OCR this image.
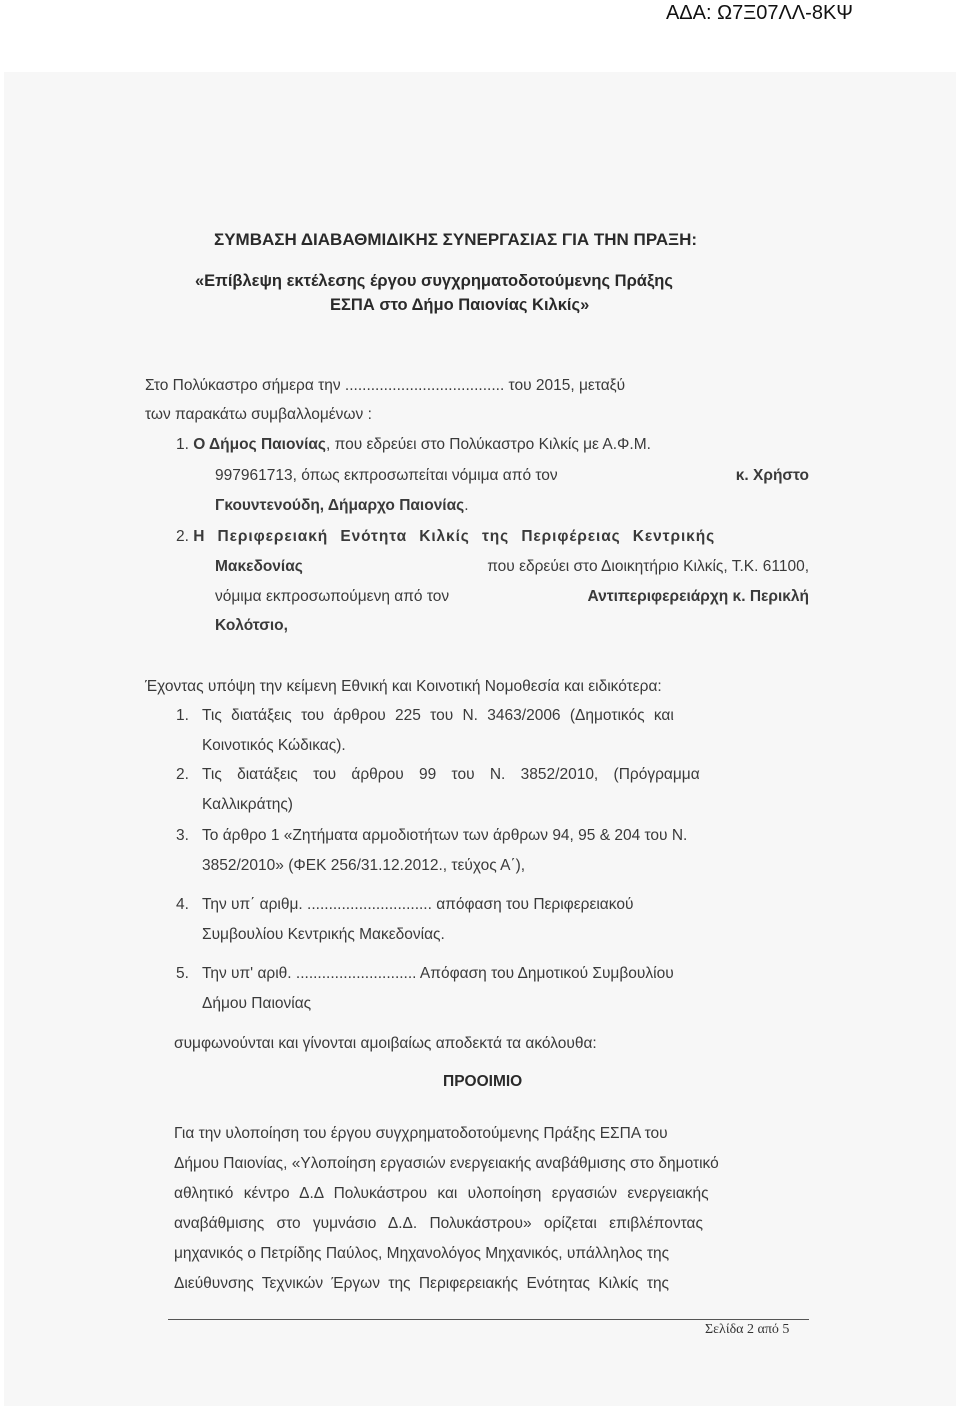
ΑΔΑ: Ω7Ξ07ΛΛ-8ΚΨ
ΣΥΜΒΑΣΗ ΔΙΑΒΑΘΜΙΔΙΚΗΣ ΣΥΝΕΡΓΑΣΙΑΣ ΓΙΑ ΤΗΝ ΠΡΑΞΗ:
«Επίβλεψη εκτέλεσης έργου συγχρηματοδοτούμενης Πράξης
ΕΣΠΑ στο Δήμο Παιονίας Κιλκίς»
Στο Πολύκαστρο σήμερα την ..................................... του 2015, μεταξύ
των παρακάτω συμβαλλομένων :
1. Ο Δήμος Παιονίας, που εδρεύει στο Πολύκαστρο Κιλκίς με Α.Φ.Μ.
997961713, όπως εκπροσωπείται νόμιμα από τον	κ. Χρήστο
Γκουντενούδη, Δήμαρχο Παιονίας.
2. Η Περιφερειακή Ενότητα Κιλκίς της Περιφέρειας Κεντρικής
Μακεδονίας	που εδρεύει στο Διοικητήριο Κιλκίς, Τ.Κ. 61100,
νόμιμα εκπροσωπούμενη από τον	Αντιπεριφερειάρχη κ. Περικλή
Κολότσιο,
Έχοντας υπόψη την κείμενη Εθνική και Κοινοτική Νομοθεσία και ειδικότερα:
1. Τις διατάξεις του άρθρου 225 του Ν. 3463/2006 (Δημοτικός και
Κοινοτικός Κώδικας).
2. Τις διατάξεις του άρθρου 99 του Ν. 3852/2010, (Πρόγραμμα
Καλλικράτης)
3. Το άρθρο 1 «Ζητήματα αρμοδιοτήτων των άρθρων 94, 95 & 204 του Ν.
3852/2010» (ΦΕΚ 256/31.12.2012., τεύχος Α΄),
4. Την υπ΄ αριθμ. ............................. απόφαση του Περιφερειακού
Συμβουλίου Κεντρικής Μακεδονίας.
5. Την υπ' αριθ. ............................ Απόφαση του Δημοτικού Συμβουλίου
Δήμου Παιονίας
συμφωνούνται και γίνονται αμοιβαίως αποδεκτά τα ακόλουθα:
ΠΡΟΟΙΜΙΟ
Για την υλοποίηση του έργου συγχρηματοδοτούμενης Πράξης ΕΣΠΑ του
Δήμου Παιονίας, «Υλοποίηση εργασιών ενεργειακής αναβάθμισης στο δημοτικό
αθλητικό κέντρο Δ.Δ Πολυκάστρου και υλοποίηση εργασιών ενεργειακής
αναβάθμισης στο γυμνάσιο Δ.Δ. Πολυκάστρου» ορίζεται επιβλέποντας
μηχανικός ο Πετρίδης Παύλος, Μηχανολόγος Μηχανικός, υπάλληλος της
Διεύθυνσης Τεχνικών Έργων της Περιφερειακής Ενότητας Κιλκίς της
Σελίδα 2 από 5
